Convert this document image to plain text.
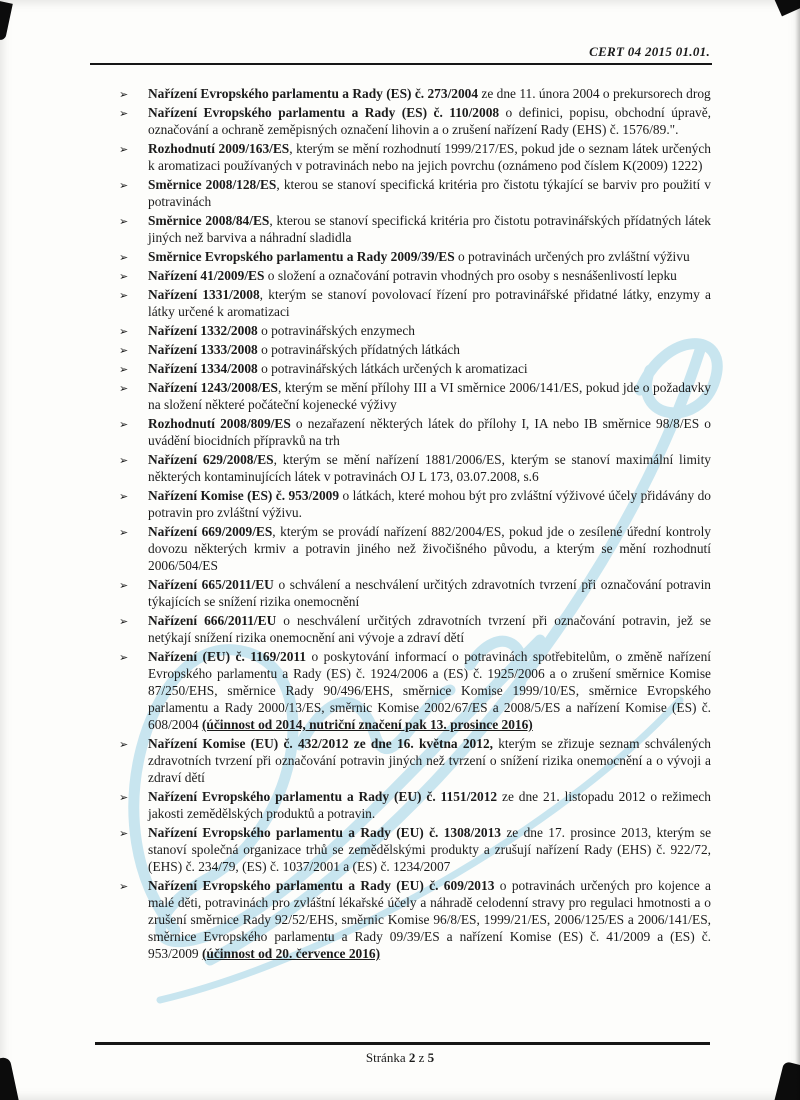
CERT 04 2015 01.01.
➢ Nařízení Evropského parlamentu a Rady (ES) č. 273/2004 ze dne 11. února 2004 o prekursorech drog
➢ Nařízení Evropského parlamentu a Rady (ES) č. 110/2008 o definici, popisu, obchodní úpravě, označování a ochraně zeměpisných označení lihovin a o zrušení nařízení Rady (EHS) č. 1576/89.".
➢ Rozhodnutí 2009/163/ES, kterým se mění rozhodnutí 1999/217/ES, pokud jde o seznam látek určených k aromatizaci používaných v potravinách nebo na jejich povrchu (oznámeno pod číslem K(2009) 1222)
➢ Směrnice 2008/128/ES, kterou se stanoví specifická kritéria pro čistotu týkající se barviv pro použití v potravinách
➢ Směrnice 2008/84/ES, kterou se stanoví specifická kritéria pro čistotu potravinářských přídatných látek jiných než barviva a náhradní sladidla
➢ Směrnice Evropského parlamentu a Rady 2009/39/ES o potravinách určených pro zvláštní výživu
➢ Nařízení 41/2009/ES o složení a označování potravin vhodných pro osoby s nesnášenlivostí lepku
➢ Nařízení 1331/2008, kterým se stanoví povolovací řízení pro potravinářské přidatné látky, enzymy a látky určené k aromatizaci
➢ Nařízení 1332/2008 o potravinářských enzymech
➢ Nařízení 1333/2008 o potravinářských přídatných látkách
➢ Nařízení 1334/2008 o potravinářských látkách určených k aromatizaci
➢ Nařízení 1243/2008/ES, kterým se mění přílohy III a VI směrnice 2006/141/ES, pokud jde o požadavky na složení některé počáteční kojenecké výživy
➢ Rozhodnutí 2008/809/ES o nezařazení některých látek do přílohy I, IA nebo IB směrnice 98/8/ES o uvádění biocidních přípravků na trh
➢ Nařízení 629/2008/ES, kterým se mění nařízení 1881/2006/ES, kterým se stanoví maximální limity některých kontaminujících látek v potravinách OJ L 173, 03.07.2008, s.6
➢ Nařízení Komise (ES) č. 953/2009 o látkách, které mohou být pro zvláštní výživové účely přidávány do potravin pro zvláštní výživu.
➢ Nařízení 669/2009/ES, kterým se provádí nařízení 882/2004/ES, pokud jde o zesílené úřední kontroly dovozu některých krmiv a potravin jiného než živočišného původu, a kterým se mění rozhodnutí 2006/504/ES
➢ Nařízení 665/2011/EU o schválení a neschválení určitých zdravotních tvrzení při označování potravin týkajících se snížení rizika onemocnění
➢ Nařízení 666/2011/EU o neschválení určitých zdravotních tvrzení při označování potravin, jež se netýkají snížení rizika onemocnění ani vývoje a zdraví dětí
➢ Nařízení (EU) č. 1169/2011 o poskytování informací o potravinách spotřebitelům, o změně nařízení Evropského parlamentu a Rady (ES) č. 1924/2006 a (ES) č. 1925/2006 a o zrušení směrnice Komise 87/250/EHS, směrnice Rady 90/496/EHS, směrnice Komise 1999/10/ES, směrnice Evropského parlamentu a Rady 2000/13/ES, směrnic Komise 2002/67/ES a 2008/5/ES a nařízení Komise (ES) č. 608/2004 (účinnost od 2014, nutriční značení pak 13. prosince 2016)
➢ Nařízení Komise (EU) č. 432/2012 ze dne 16. května 2012, kterým se zřizuje seznam schválených zdravotních tvrzení při označování potravin jiných než tvrzení o snížení rizika onemocnění a o vývoji a zdraví dětí
➢ Nařízení Evropského parlamentu a Rady (EU) č. 1151/2012 ze dne 21. listopadu 2012 o režimech jakosti zemědělských produktů a potravin.
➢ Nařízení Evropského parlamentu a Rady (EU) č. 1308/2013 ze dne 17. prosince 2013, kterým se stanoví společná organizace trhů se zemědělskými produkty a zrušují nařízení Rady (EHS) č. 922/72, (EHS) č. 234/79, (ES) č. 1037/2001 a (ES) č. 1234/2007
➢ Nařízení Evropského parlamentu a Rady (EU) č. 609/2013 o potravinách určených pro kojence a malé děti, potravinách pro zvláštní lékařské účely a náhradě celodenní stravy pro regulaci hmotnosti a o zrušení směrnice Rady 92/52/EHS, směrnic Komise 96/8/ES, 1999/21/ES, 2006/125/ES a 2006/141/ES, směrnice Evropského parlamentu a Rady 09/39/ES a nařízení Komise (ES) č. 41/2009 a (ES) č. 953/2009 (účinnost od 20. července 2016)
Stránka 2 z 5
